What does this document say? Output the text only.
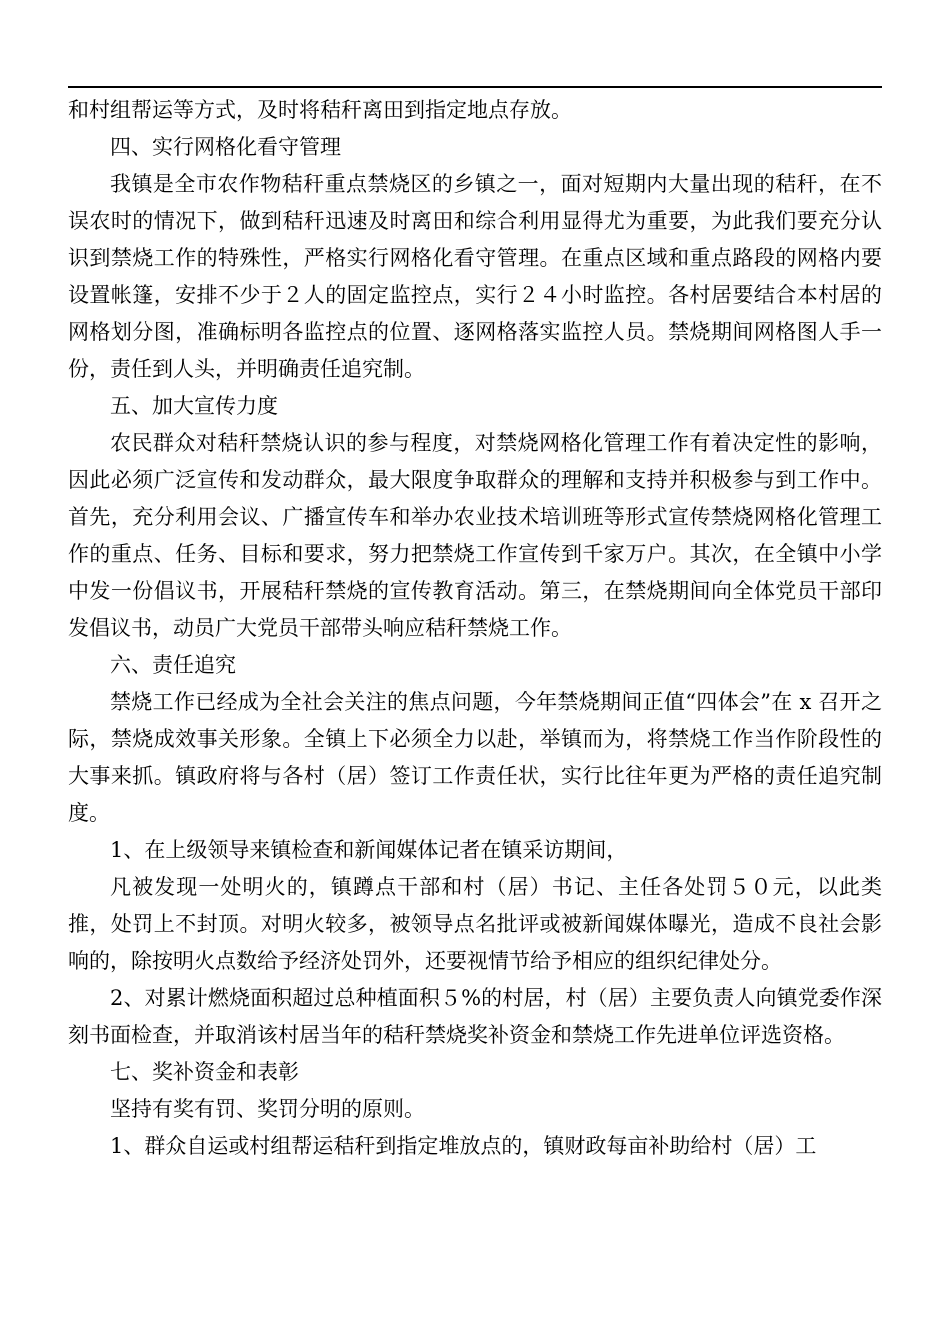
和村组帮运等方式，及时将秸秆离田到指定地点存放。

四、实行网格化看守管理

我镇是全市农作物秸秆重点禁烧区的乡镇之一，面对短期内大量出现的秸秆，在不误农时的情况下，做到秸秆迅速及时离田和综合利用显得尤为重要，为此我们要充分认识到禁烧工作的特殊性，严格实行网格化看守管理。在重点区域和重点路段的网格内要设置帐篷，安排不少于２人的固定监控点，实行２４小时监控。各村居要结合本村居的网格划分图，准确标明各监控点的位置、逐网格落实监控人员。禁烧期间网格图人手一份，责任到人头，并明确责任追究制。

五、加大宣传力度

农民群众对秸秆禁烧认识的参与程度，对禁烧网格化管理工作有着决定性的影响，因此必须广泛宣传和发动群众，最大限度争取群众的理解和支持并积极参与到工作中。首先，充分利用会议、广播宣传车和举办农业技术培训班等形式宣传禁烧网格化管理工作的重点、任务、目标和要求，努力把禁烧工作宣传到千家万户。其次，在全镇中小学中发一份倡议书，开展秸秆禁烧的宣传教育活动。第三，在禁烧期间向全体党员干部印发倡议书，动员广大党员干部带头响应秸秆禁烧工作。

六、责任追究

禁烧工作已经成为全社会关注的焦点问题，今年禁烧期间正值“四体会”在 x 召开之际，禁烧成效事关形象。全镇上下必须全力以赴，举镇而为，将禁烧工作当作阶段性的大事来抓。镇政府将与各村（居）签订工作责任状，实行比往年更为严格的责任追究制度。

1、在上级领导来镇检查和新闻媒体记者在镇采访期间，

凡被发现一处明火的，镇蹲点干部和村（居）书记、主任各处罚５０元，以此类推，处罚上不封顶。对明火较多，被领导点名批评或被新闻媒体曝光，造成不良社会影响的，除按明火点数给予经济处罚外，还要视情节给予相应的组织纪律处分。

2、对累计燃烧面积超过总种植面积５%的村居，村（居）主要负责人向镇党委作深刻书面检查，并取消该村居当年的秸秆禁烧奖补资金和禁烧工作先进单位评选资格。

七、奖补资金和表彰

坚持有奖有罚、奖罚分明的原则。

1、群众自运或村组帮运秸秆到指定堆放点的，镇财政每亩补助给村（居）工
